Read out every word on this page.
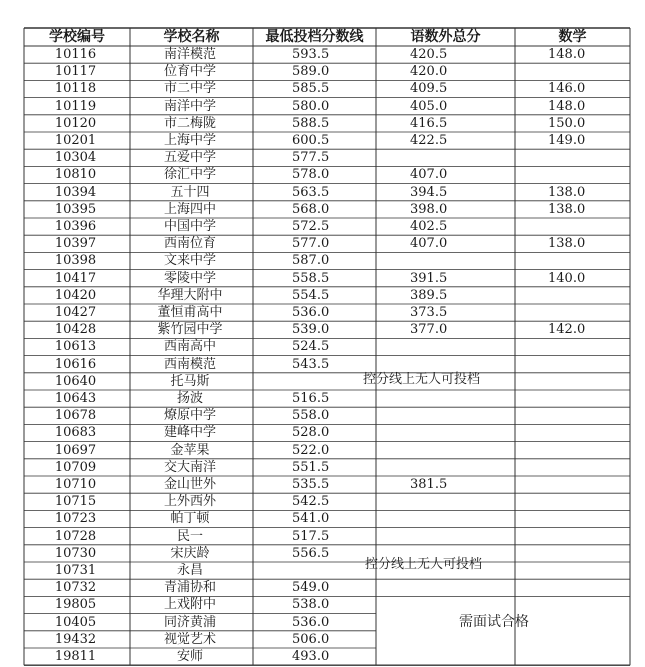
学校编号	学校名称	最低投档分数线	语数外总分	数学
10116	南洋模范	593.5	420.5	148.0
10117	位育中学	589.0	420.0
10118	市二中学	585.5	409.5	146.0
10119	南洋中学	580.0	405.0	148.0
10120	市二梅陇	588.5	416.5	150.0
10201	上海中学	600.5	422.5	149.0
10304	五爱中学	577.5
10810	徐汇中学	578.0	407.0
10394	五十四	563.5	394.5	138.0
10395	上海四中	568.0	398.0	138.0
10396	中国中学	572.5	402.5
10397	西南位育	577.0	407.0	138.0
10398	文来中学	587.0
10417	零陵中学	558.5	391.5	140.0
10420	华理大附中	554.5	389.5
10427	董恒甫高中	536.0	373.5
10428	紫竹园中学	539.0	377.0	142.0
10613	西南高中	524.5
10616	西南模范	543.5
10640	托马斯
10643	扬波	516.5
10678	燎原中学	558.0
10683	建峰中学	528.0
10697	金苹果	522.0
10709	交大南洋	551.5
10710	金山世外	535.5	381.5
10715	上外西外	542.5
10723	帕丁顿	541.0
10728	民一	517.5
10730	宋庆龄	556.5
10731	永昌
10732	青浦协和	549.0
19805	上戏附中	538.0
10405	同济黄浦	536.0
19432	视觉艺术	506.0
19811	安师	493.0
控分线上无人可投档
控分线上无人可投档
需面试合格
